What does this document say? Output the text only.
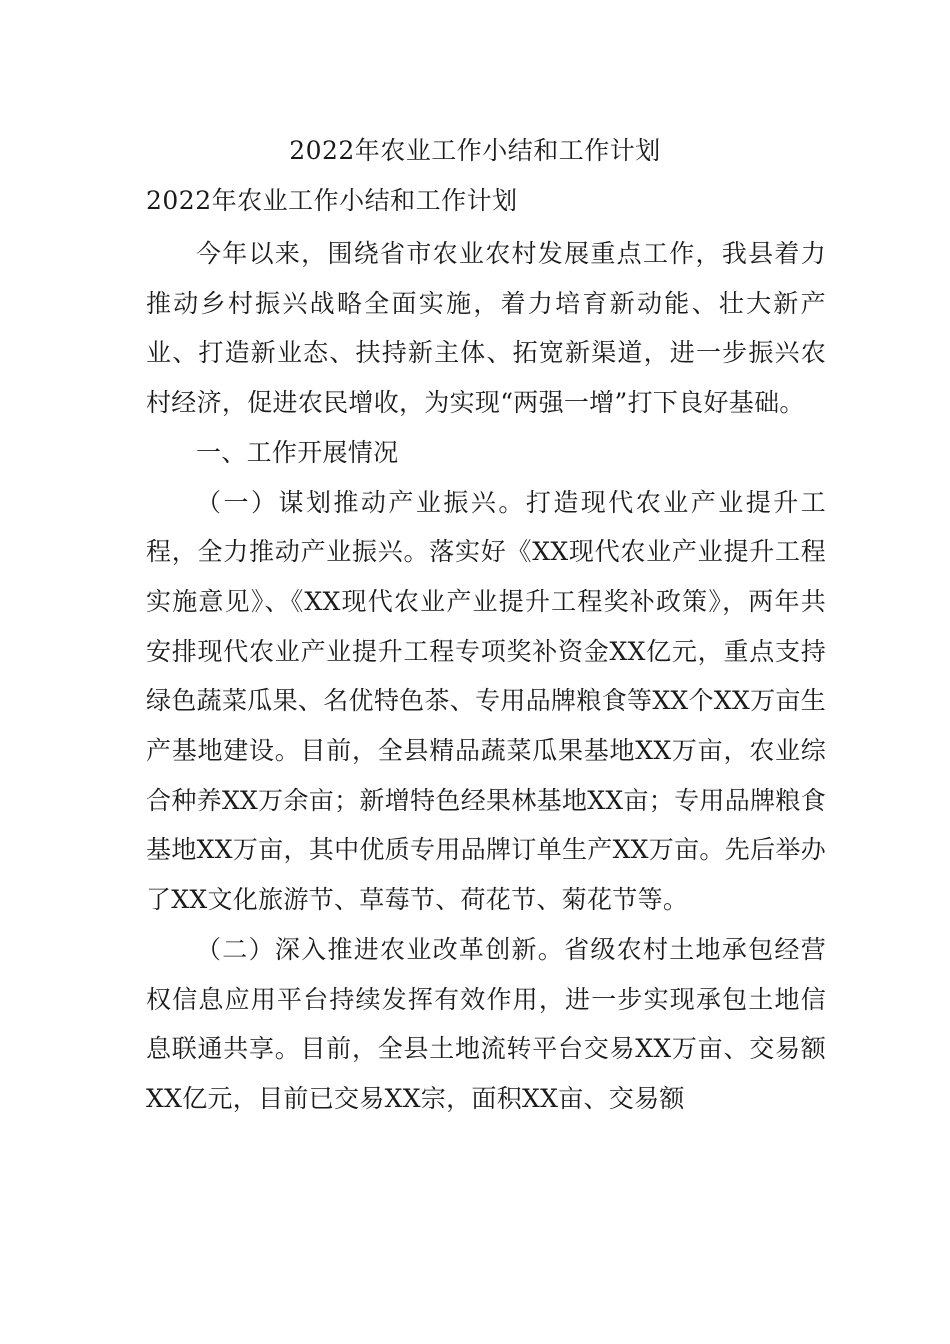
2022年农业工作小结和工作计划
2022年农业工作小结和工作计划

今年以来，围绕省市农业农村发展重点工作，我县着力推动乡村振兴战略全面实施，着力培育新动能、壮大新产业、打造新业态、扶持新主体、拓宽新渠道，进一步振兴农村经济，促进农民增收，为实现“两强一增”打下良好基础。

一、工作开展情况

（一）谋划推动产业振兴。打造现代农业产业提升工程，全力推动产业振兴。落实好《XX现代农业产业提升工程实施意见》、《XX现代农业产业提升工程奖补政策》，两年共安排现代农业产业提升工程专项奖补资金XX亿元，重点支持绿色蔬菜瓜果、名优特色茶、专用品牌粮食等XX个XX万亩生产基地建设。目前，全县精品蔬菜瓜果基地XX万亩，农业综合种养XX万余亩；新增特色经果林基地XX亩；专用品牌粮食基地XX万亩，其中优质专用品牌订单生产XX万亩。先后举办了XX文化旅游节、草莓节、荷花节、菊花节等。

（二）深入推进农业改革创新。省级农村土地承包经营权信息应用平台持续发挥有效作用，进一步实现承包土地信息联通共享。目前，全县土地流转平台交易XX万亩、交易额XX亿元，目前已交易XX宗，面积XX亩、交易额
